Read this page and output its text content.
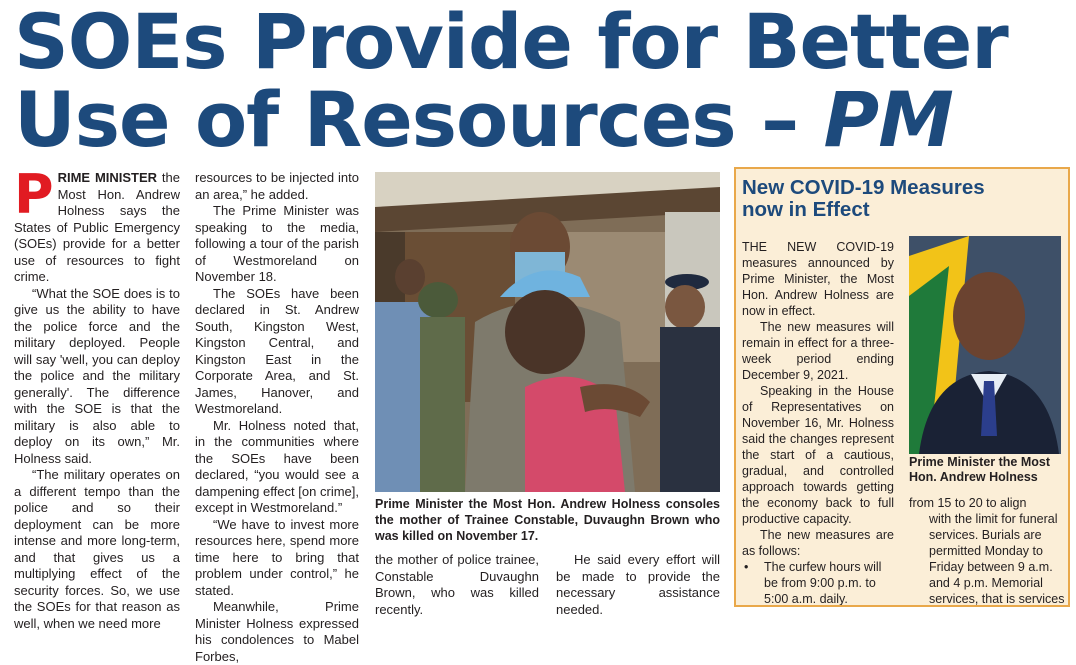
SOEs Provide for Better
Use of Resources – PM

PRIME MINISTER the Most Hon. Andrew Holness says the States of Public Emergency (SOEs) provide for a better use of resources to fight crime.

“What the SOE does is to give us the ability to have the police force and the military deployed. People will say 'well, you can deploy the police and the military generally'. The difference with the SOE is that the military is also able to deploy on its own,” Mr. Holness said.

“The military operates on a different tempo than the police and so their deployment can be more intense and more long-term, and that gives us a multiplying effect of the security forces. So, we use the SOEs for that reason as well, when we need more

resources to be injected into an area,” he added.

The Prime Minister was speaking to the media, following a tour of the parish of Westmoreland on November 18.

The SOEs have been declared in St. Andrew South, Kingston West, Kingston Central, and Kingston East in the Corporate Area, and St. James, Hanover, and Westmoreland.

Mr. Holness noted that, in the communities where the SOEs have been declared, “you would see a dampening effect [on crime], except in Westmoreland.”

“We have to invest more resources here, spend more time here to bring that problem under control,” he stated.

Meanwhile, Prime Minister Holness expressed his condolences to Mabel Forbes,

Prime Minister the Most Hon. Andrew Holness consoles the mother of Trainee Constable, Duvaughn Brown who was killed on November 17.

the mother of police trainee, Constable Duvaughn Brown, who was killed recently.

He said every effort will be made to provide the necessary assistance needed.

New COVID-19 Measures
now in Effect

THE NEW COVID-19 measures announced by Prime Minister, the Most Hon. Andrew Holness are now in effect.

The new measures will remain in effect for a three-week period ending December 9, 2021.

Speaking in the House of Representatives on November 16, Mr. Holness said the changes represent the start of a cautious, gradual, and controlled approach towards getting the economy back to full productive capacity.

The new measures are as follows:

• The curfew hours will be from 9:00 p.m. to 5:00 a.m. daily.

Prime Minister the Most Hon. Andrew Holness

from 15 to 20 to align

with the limit for funeral services. Burials are permitted Monday to Friday between 9 a.m. and 4 p.m. Memorial services, that is services
